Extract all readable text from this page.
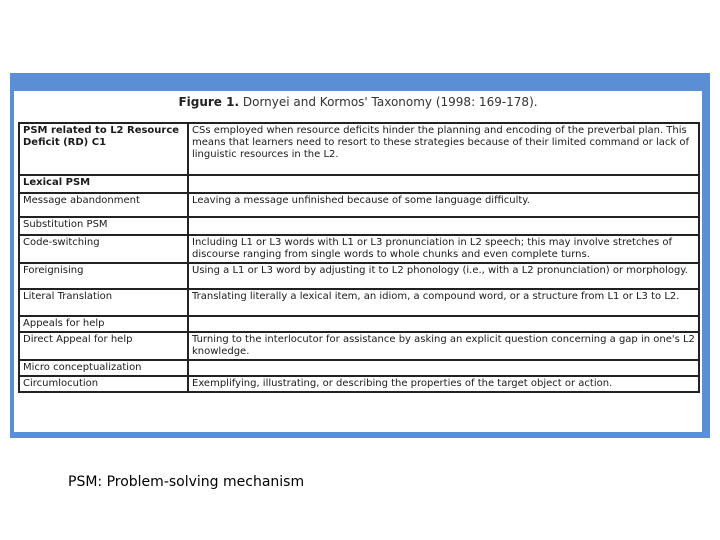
Figure 1. Dornyei and Kormos' Taxonomy (1998: 169-178).
PSM related to L2 Resource Deficit (RD) C1	CSs employed when resource deficits hinder the planning and encoding of the preverbal plan. This means that learners need to resort to these strategies because of their limited command or lack of linguistic resources in the L2.
Lexical PSM	
Message abandonment	Leaving a message unfinished because of some language difficulty.
Substitution PSM	
Code-switching	Including L1 or L3 words with L1 or L3 pronunciation in L2 speech; this may involve stretches of discourse ranging from single words to whole chunks and even complete turns.
Foreignising	Using a L1 or L3 word by adjusting it to L2 phonology (i.e., with a L2 pronunciation) or morphology.
Literal Translation	Translating literally a lexical item, an idiom, a compound word, or a structure from L1 or L3 to L2.
Appeals for help	
Direct Appeal for help	Turning to the interlocutor for assistance by asking an explicit question concerning a gap in one's L2 knowledge.
Micro conceptualization	
Circumlocution	Exemplifying, illustrating, or describing the properties of the target object or action.
PSM: Problem-solving mechanism
